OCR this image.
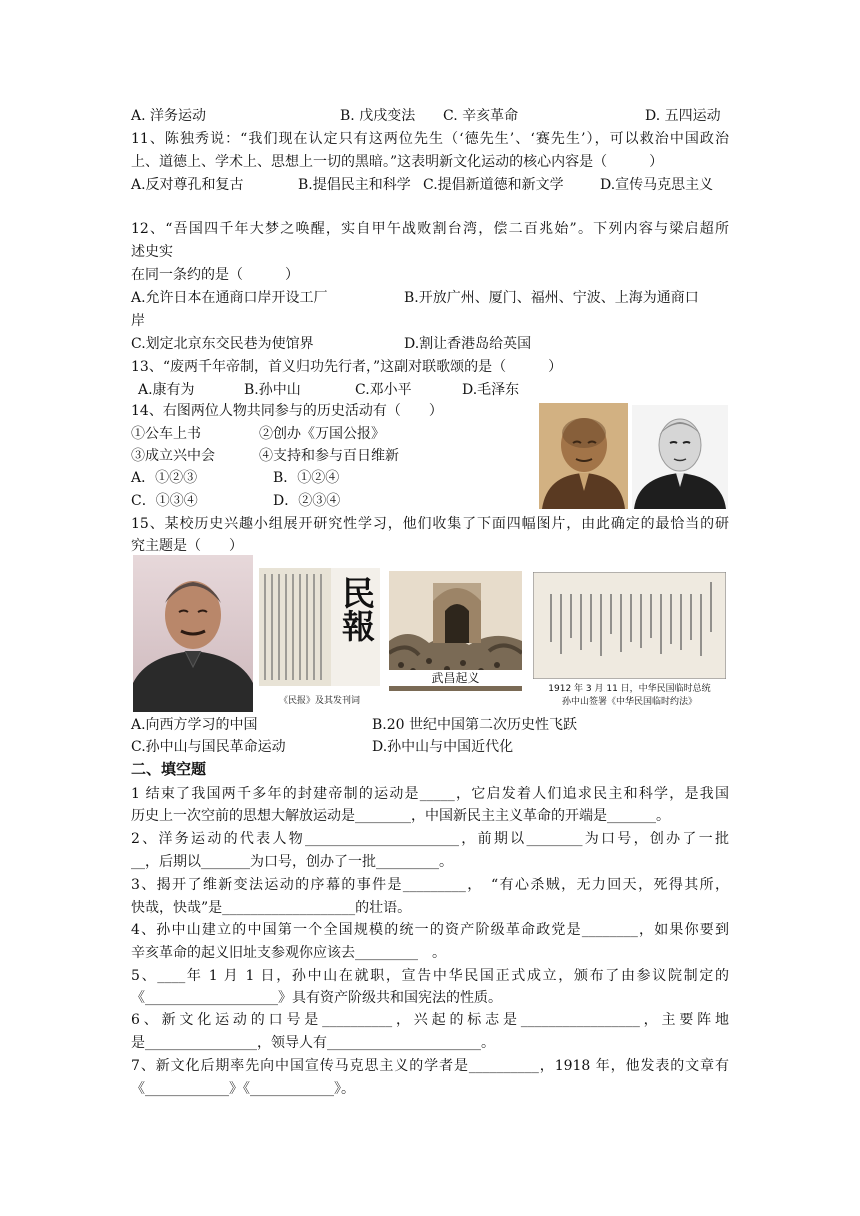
A. 洋务运动	B. 戊戌变法 C. 辛亥革命	D. 五四运动
11、陈独秀说：“我们现在认定只有这两位先生（‘德先生’、‘赛先生’），可以救治中国政治
上、道德上、学术上、思想上一切的黑暗。”这表明新文化运动的核心内容是（　　　）
A.反对尊孔和复古	B.提倡民主和科学 C.提倡新道德和新文学	D.宣传马克思主义
12、“吾国四千年大梦之唤醒，实自甲午战败割台湾，偿二百兆始”。下列内容与梁启超所
述史实
在同一条约的是（　　　）
A.允许日本在通商口岸开设工厂	B.开放广州、厦门、福州、宁波、上海为通商口
岸
C.划定北京东交民巷为使馆界	D.割让香港岛给英国
13、“废两千年帝制，首义归功先行者，”这副对联歌颂的是（　　　）
A.康有为	B.孙中山	C.邓小平	D.毛泽东
14、右图两位人物共同参与的历史活动有（　　）
①公车上书	②创办《万国公报》
③成立兴中会	④支持和参与百日维新
A．①②③	B．①②④
C．①③④	D．②③④
15、某校历史兴趣小组展开研究性学习，他们收集了下面四幅图片，由此确定的最恰当的研
究主题是（　　）
民報
《民报》及其发刊词
武昌起义
1912 年 3 月 11 日，中华民国临时总统
孙中山签署《中华民国临时约法》
A.向西方学习的中国	B.20 世纪中国第二次历史性飞跃
C.孙中山与国民革命运动	D.孙中山与中国近代化
二、填空题
1 结束了我国两千多年的封建帝制的运动是_____，它启发着人们追求民主和科学，是我国
历史上一次空前的思想大解放运动是________，中国新民主主义革命的开端是_______。
2、洋务运动的代表人物______________________，前期以________为口号，创办了一批
__，后期以_______为口号，创办了一批_________。
3、揭开了维新变法运动的序幕的事件是_________，　“有心杀贼，无力回天，死得其所，
快哉，快哉”是___________________的壮语。
4、孙中山建立的中国第一个全国规模的统一的资产阶级革命政党是________，如果你要到
辛亥革命的起义旧址支参观你应该去_________　。
5、____年 1 月 1 日，孙中山在就职，宣告中华民国正式成立，颁布了由参议院制定的
《___________________》具有资产阶级共和国宪法的性质。
6、新文化运动的口号是__________，兴起的标志是_________________，主要阵地
是________________，领导人有______________________。
7、新文化后期率先向中国宣传马克思主义的学者是__________，1918 年，他发表的文章有
《____________》《____________》。
